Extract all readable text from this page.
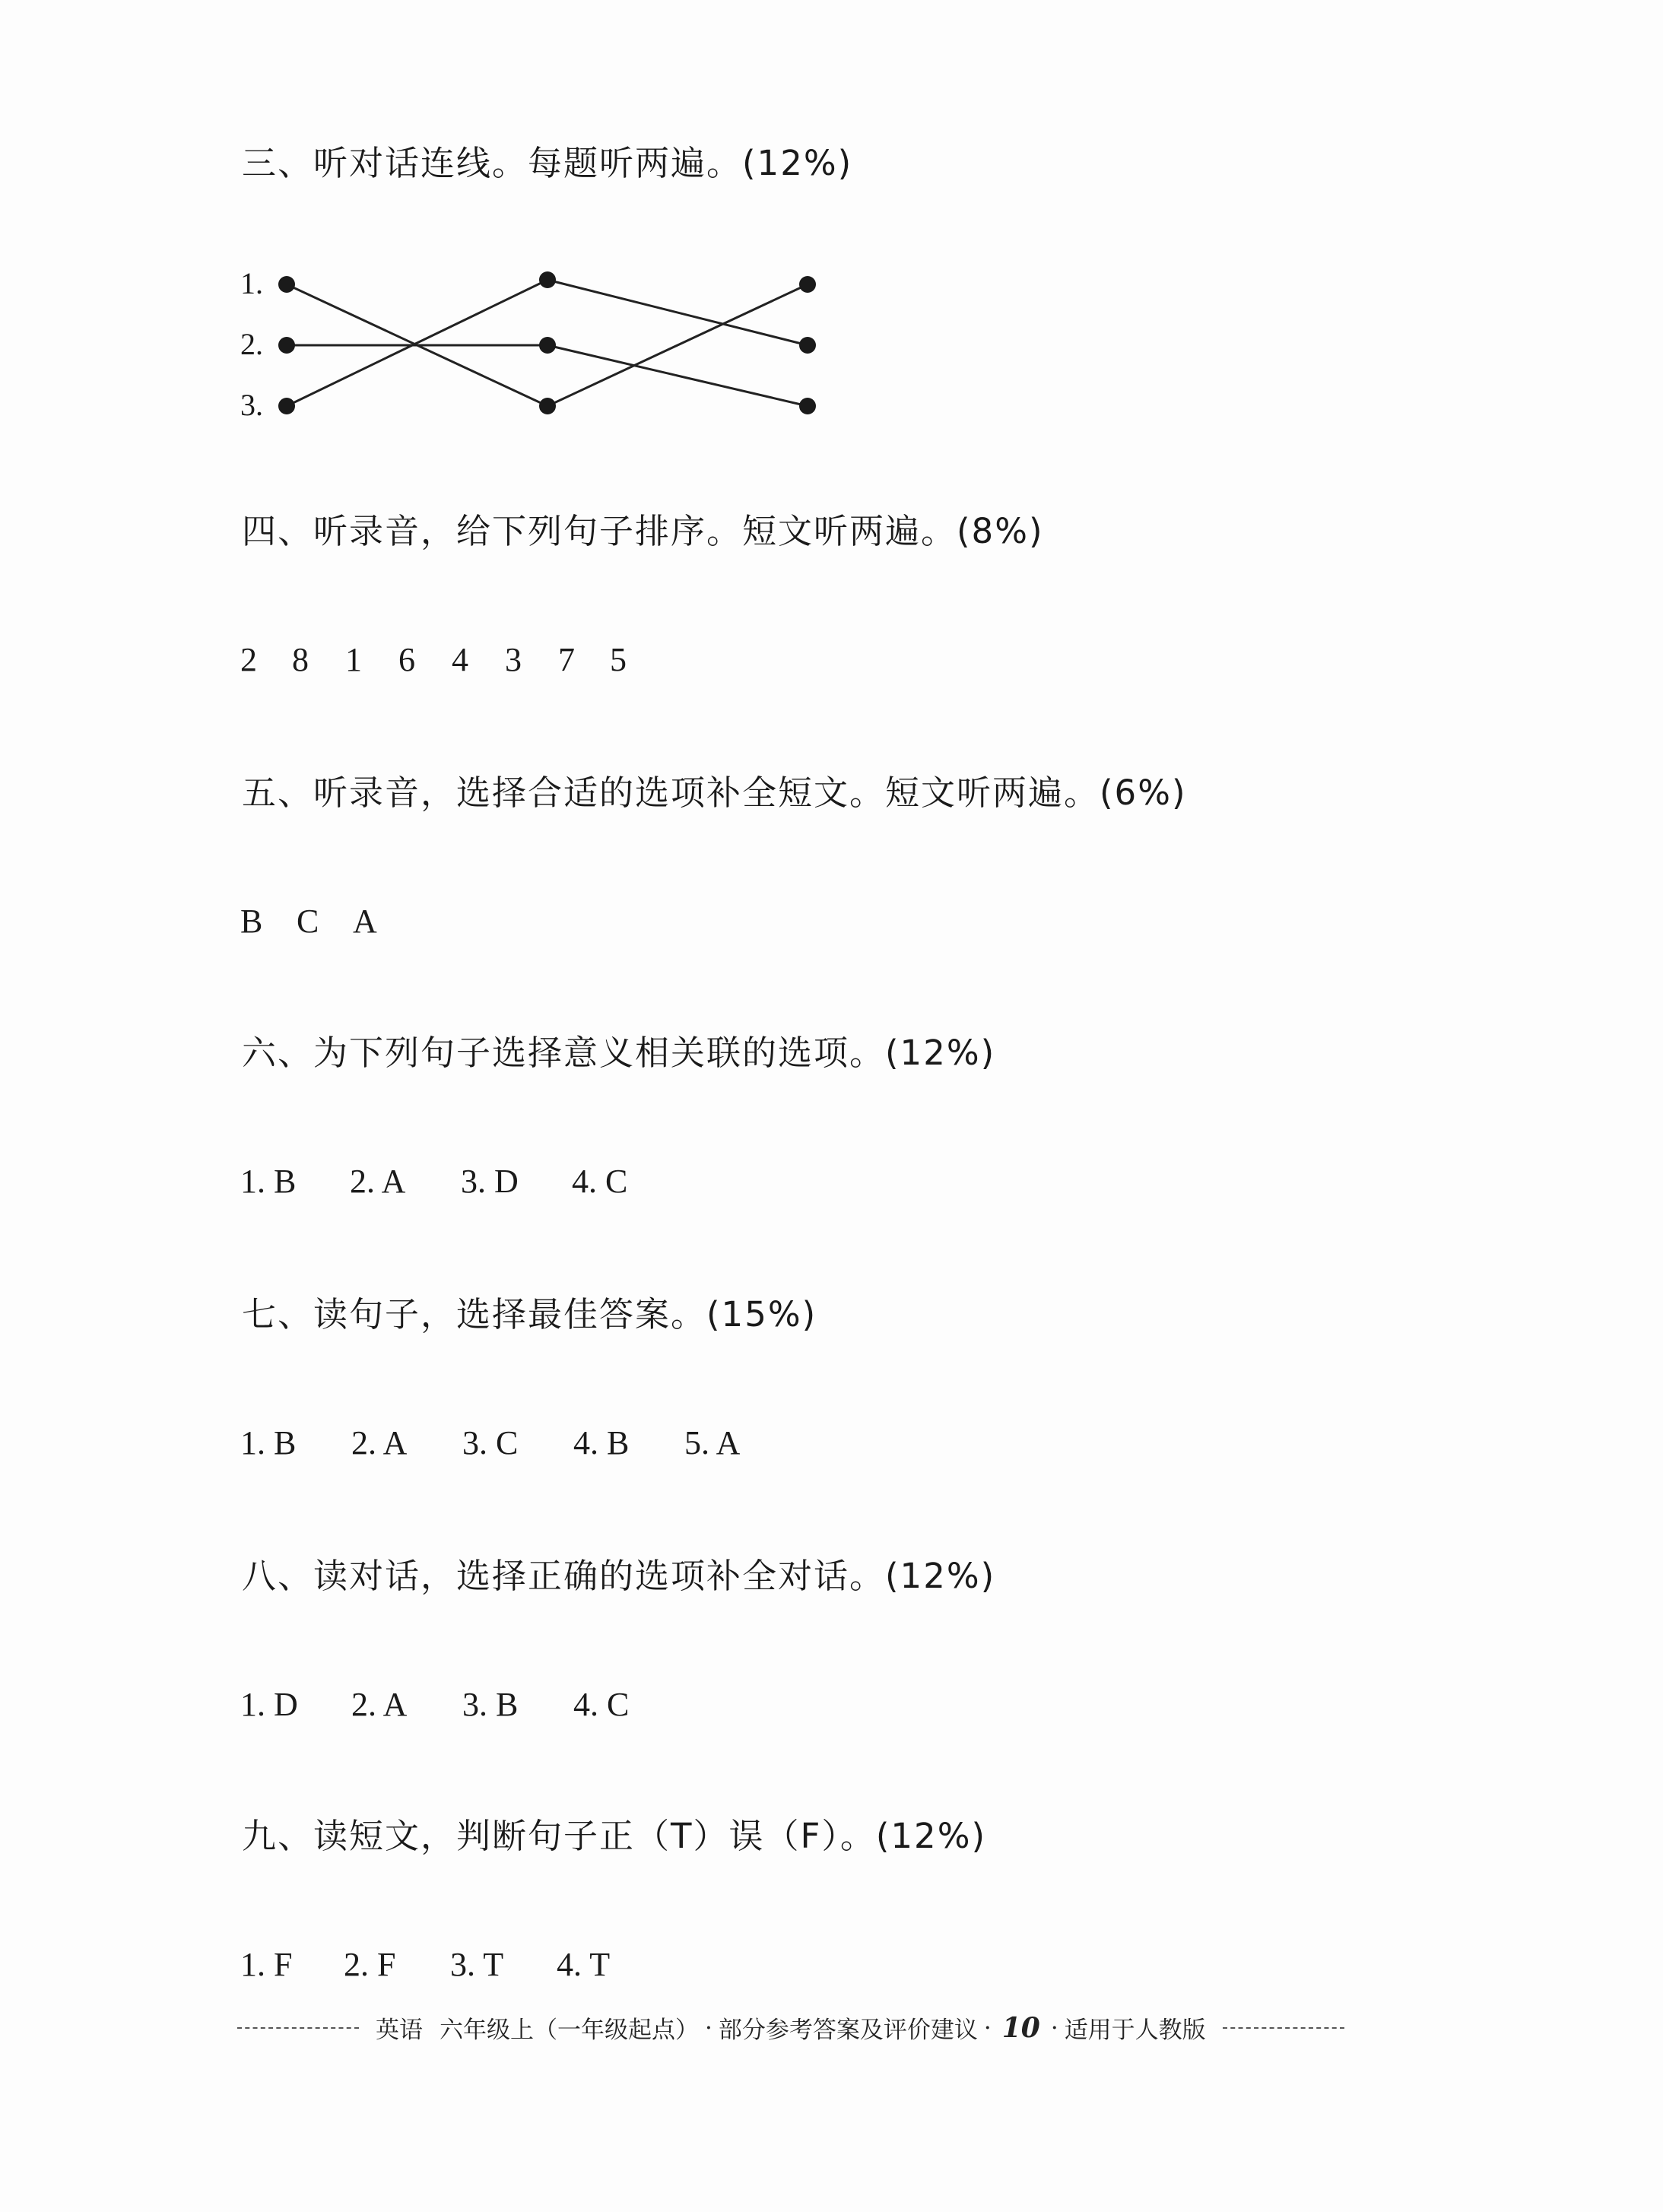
三、听对话连线。每题听两遍。(12%)
1.
2.
3.
四、听录音，给下列句子排序。短文听两遍。(8%)
2 8 1 6 4 3 7 5
五、听录音，选择合适的选项补全短文。短文听两遍。(6%)
B C A
六、为下列句子选择意义相关联的选项。(12%)
1. B 2. A 3. D 4. C
七、读句子，选择最佳答案。(15%)
1. B 2. A 3. C 4. B 5. A
八、读对话，选择正确的选项补全对话。(12%)
1. D 2. A 3. B 4. C
九、读短文，判断句子正（T）误（F）。(12%)
1. F 2. F 3. T 4. T
英语 六年级上（一年级起点） · 部分参考答案及评价建议 · 10 · 适用于人教版
